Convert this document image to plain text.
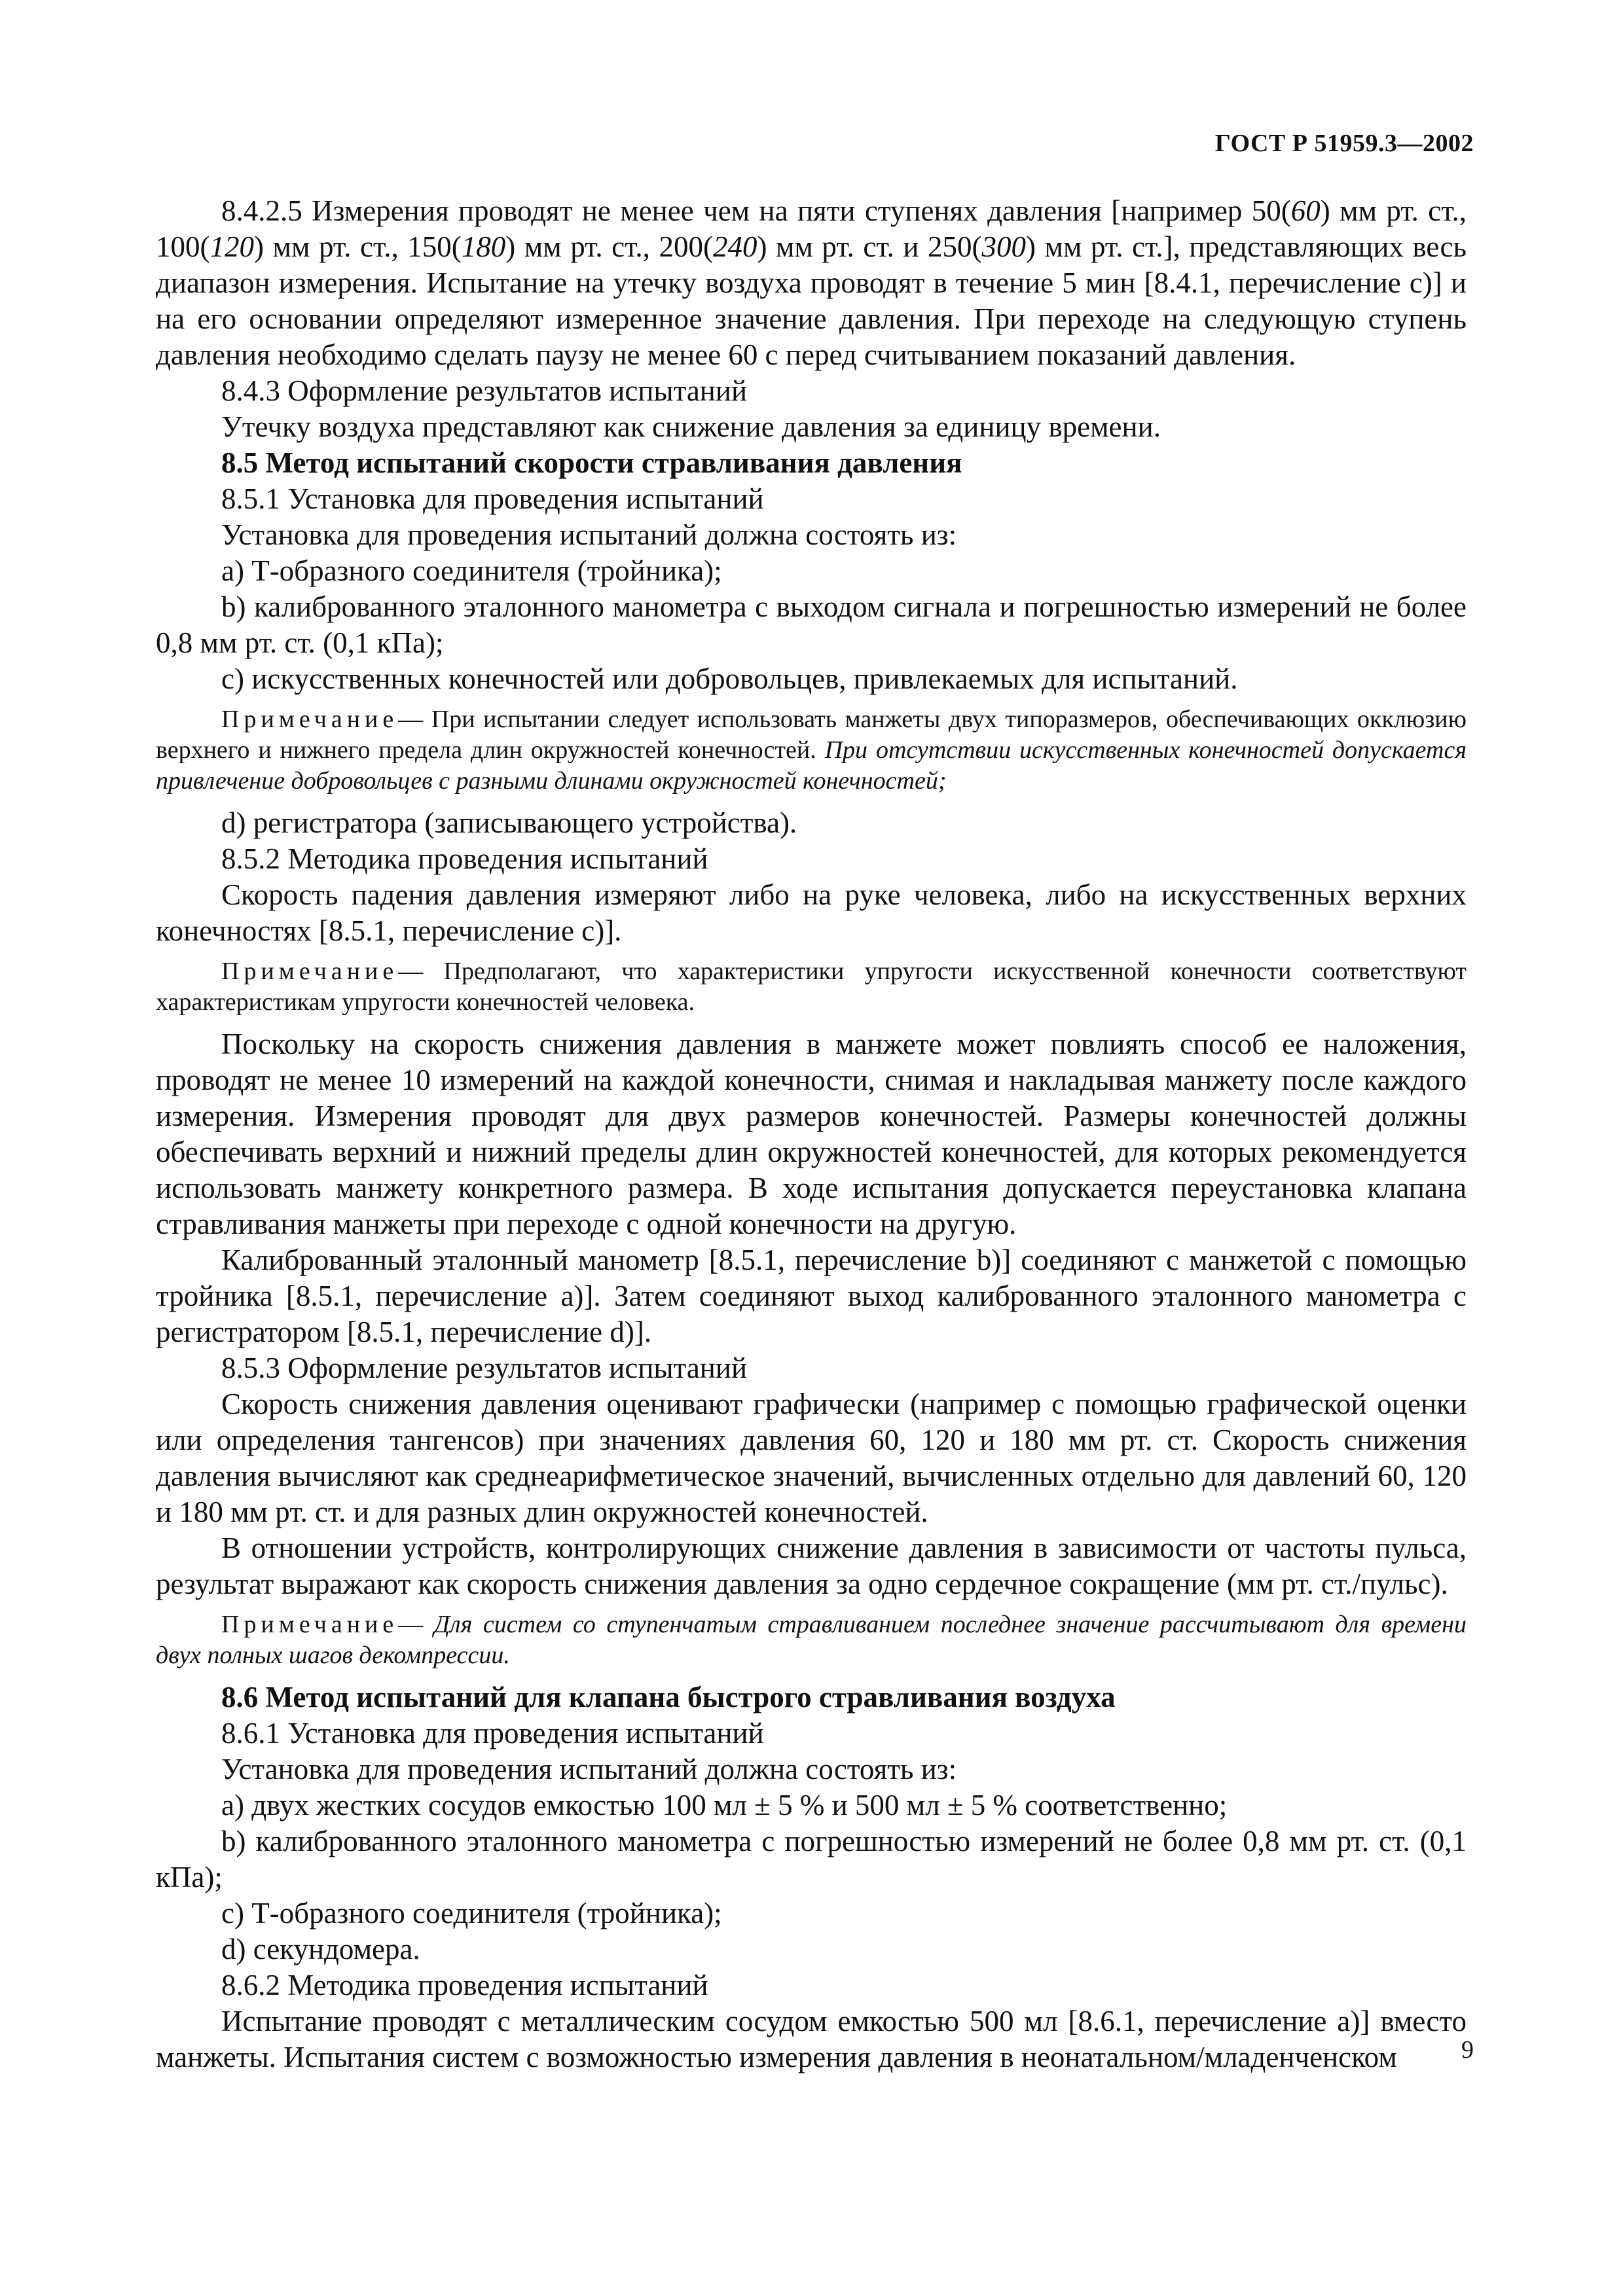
ГОСТ Р 51959.3—2002

8.4.2.5 Измерения проводят не менее чем на пяти ступенях давления [например 50(60) мм рт. ст., 100(120) мм рт. ст., 150(180) мм рт. ст., 200(240) мм рт. ст. и 250(300) мм рт. ст.], представляющих весь диапазон измерения. Испытание на утечку воздуха проводят в течение 5 мин [8.4.1, перечисление с)] и на его основании определяют измеренное значение давления. При переходе на следующую ступень давления необходимо сделать паузу не менее 60 с перед считыванием показаний давления.

8.4.3 Оформление результатов испытаний

Утечку воздуха представляют как снижение давления за единицу времени.

8.5 Метод испытаний скорости стравливания давления

8.5.1 Установка для проведения испытаний

Установка для проведения испытаний должна состоять из:

а) Т-образного соединителя (тройника);

b) калиброванного эталонного манометра с выходом сигнала и погрешностью измерений не более 0,8 мм рт. ст. (0,1 кПа);

с) искусственных конечностей или добровольцев, привлекаемых для испытаний.

Примечание— При испытании следует использовать манжеты двух типоразмеров, обеспечивающих окклюзию верхнего и нижнего предела длин окружностей конечностей. При отсутствии искусственных конечностей допускается привлечение добровольцев с разными длинами окружностей конечностей;

d) регистратора (записывающего устройства).

8.5.2 Методика проведения испытаний

Скорость падения давления измеряют либо на руке человека, либо на искусственных верхних конечностях [8.5.1, перечисление с)].

Примечание— Предполагают, что характеристики упругости искусственной конечности соответствуют характеристикам упругости конечностей человека.

Поскольку на скорость снижения давления в манжете может повлиять способ ее наложения, проводят не менее 10 измерений на каждой конечности, снимая и накладывая манжету после каждого измерения. Измерения проводят для двух размеров конечностей. Размеры конечностей должны обеспечивать верхний и нижний пределы длин окружностей конечностей, для которых рекомендуется использовать манжету конкретного размера. В ходе испытания допускается переустановка клапана стравливания манжеты при переходе с одной конечности на другую.

Калиброванный эталонный манометр [8.5.1, перечисление b)] соединяют с манжетой с помощью тройника [8.5.1, перечисление а)]. Затем соединяют выход калиброванного эталонного манометра с регистратором [8.5.1, перечисление d)].

8.5.3 Оформление результатов испытаний

Скорость снижения давления оценивают графически (например с помощью графической оценки или определения тангенсов) при значениях давления 60, 120 и 180 мм рт. ст. Скорость снижения давления вычисляют как среднеарифметическое значений, вычисленных отдельно для давлений 60, 120 и 180 мм рт. ст. и для разных длин окружностей конечностей.

В отношении устройств, контролирующих снижение давления в зависимости от частоты пульса, результат выражают как скорость снижения давления за одно сердечное сокращение (мм рт. ст./пульс).

Примечание— Для систем со ступенчатым стравливанием последнее значение рассчитывают для времени двух полных шагов декомпрессии.

8.6 Метод испытаний для клапана быстрого стравливания воздуха

8.6.1 Установка для проведения испытаний

Установка для проведения испытаний должна состоять из:

а) двух жестких сосудов емкостью 100 мл ± 5 % и 500 мл ± 5 % соответственно;

b) калиброванного эталонного манометра с погрешностью измерений не более 0,8 мм рт. ст. (0,1 кПа);

с) Т-образного соединителя (тройника);

d) секундомера.

8.6.2 Методика проведения испытаний

Испытание проводят с металлическим сосудом емкостью 500 мл [8.6.1, перечисление а)] вместо манжеты. Испытания систем с возможностью измерения давления в неонатальном/младенченском	9
